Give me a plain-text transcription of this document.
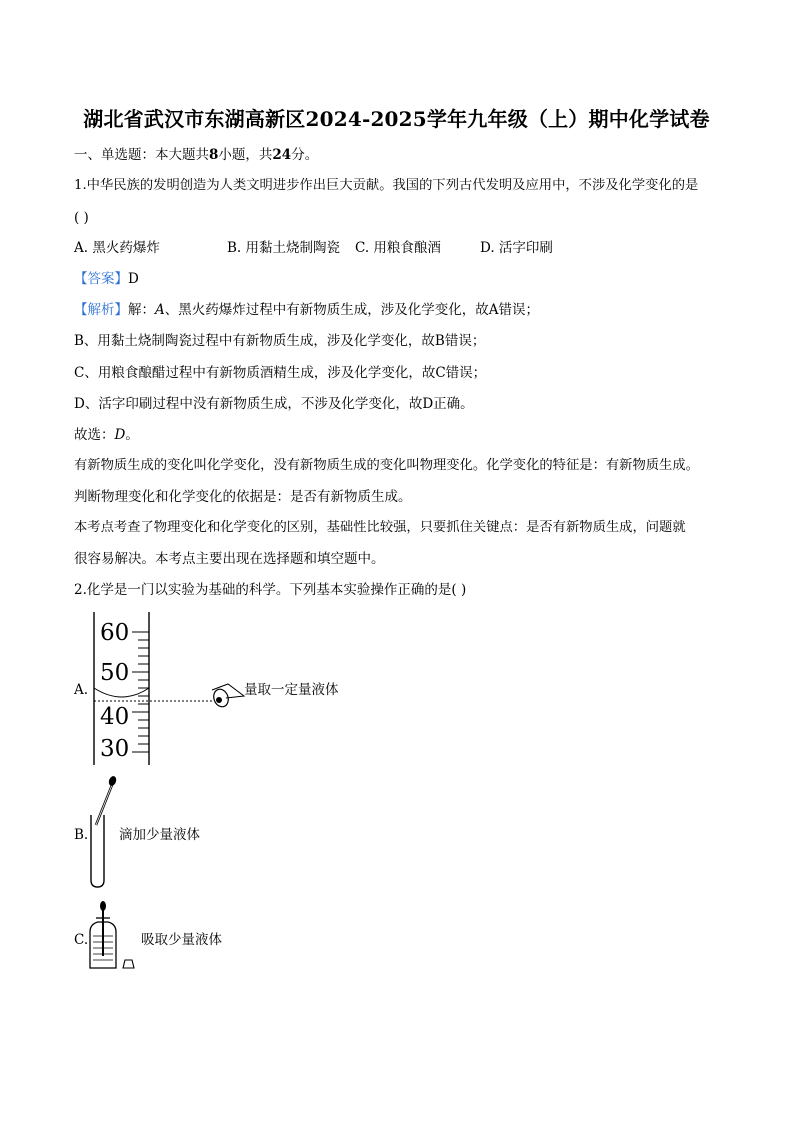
湖北省武汉市东湖高新区2024-2025学年九年级（上）期中化学试卷
一、单选题：本大题共8小题，共24分。
1.中华民族的发明创造为人类文明进步作出巨大贡献。我国的下列古代发明及应用中，不涉及化学变化的是
( )
A. 黑火药爆炸	B. 用黏土烧制陶瓷 C. 用粮食酿酒	D. 活字印刷
【答案】D
【解析】解：A、黑火药爆炸过程中有新物质生成，涉及化学变化，故A错误；
B、用黏土烧制陶瓷过程中有新物质生成，涉及化学变化，故B错误；
C、用粮食酿醋过程中有新物质酒精生成，涉及化学变化，故C错误；
D、活字印刷过程中没有新物质生成，不涉及化学变化，故D正确。
故选：D。
有新物质生成的变化叫化学变化，没有新物质生成的变化叫物理变化。化学变化的特征是：有新物质生成。
判断物理变化和化学变化的依据是：是否有新物质生成。
本考点考查了物理变化和化学变化的区别，基础性比较强，只要抓住关键点：是否有新物质生成，问题就
很容易解决。本考点主要出现在选择题和填空题中。
2.化学是一门以实验为基础的科学。下列基本实验操作正确的是( )
A.
60
50
40
30
量取一定量液体
B. 滴加少量液体
C.	吸取少量液体
